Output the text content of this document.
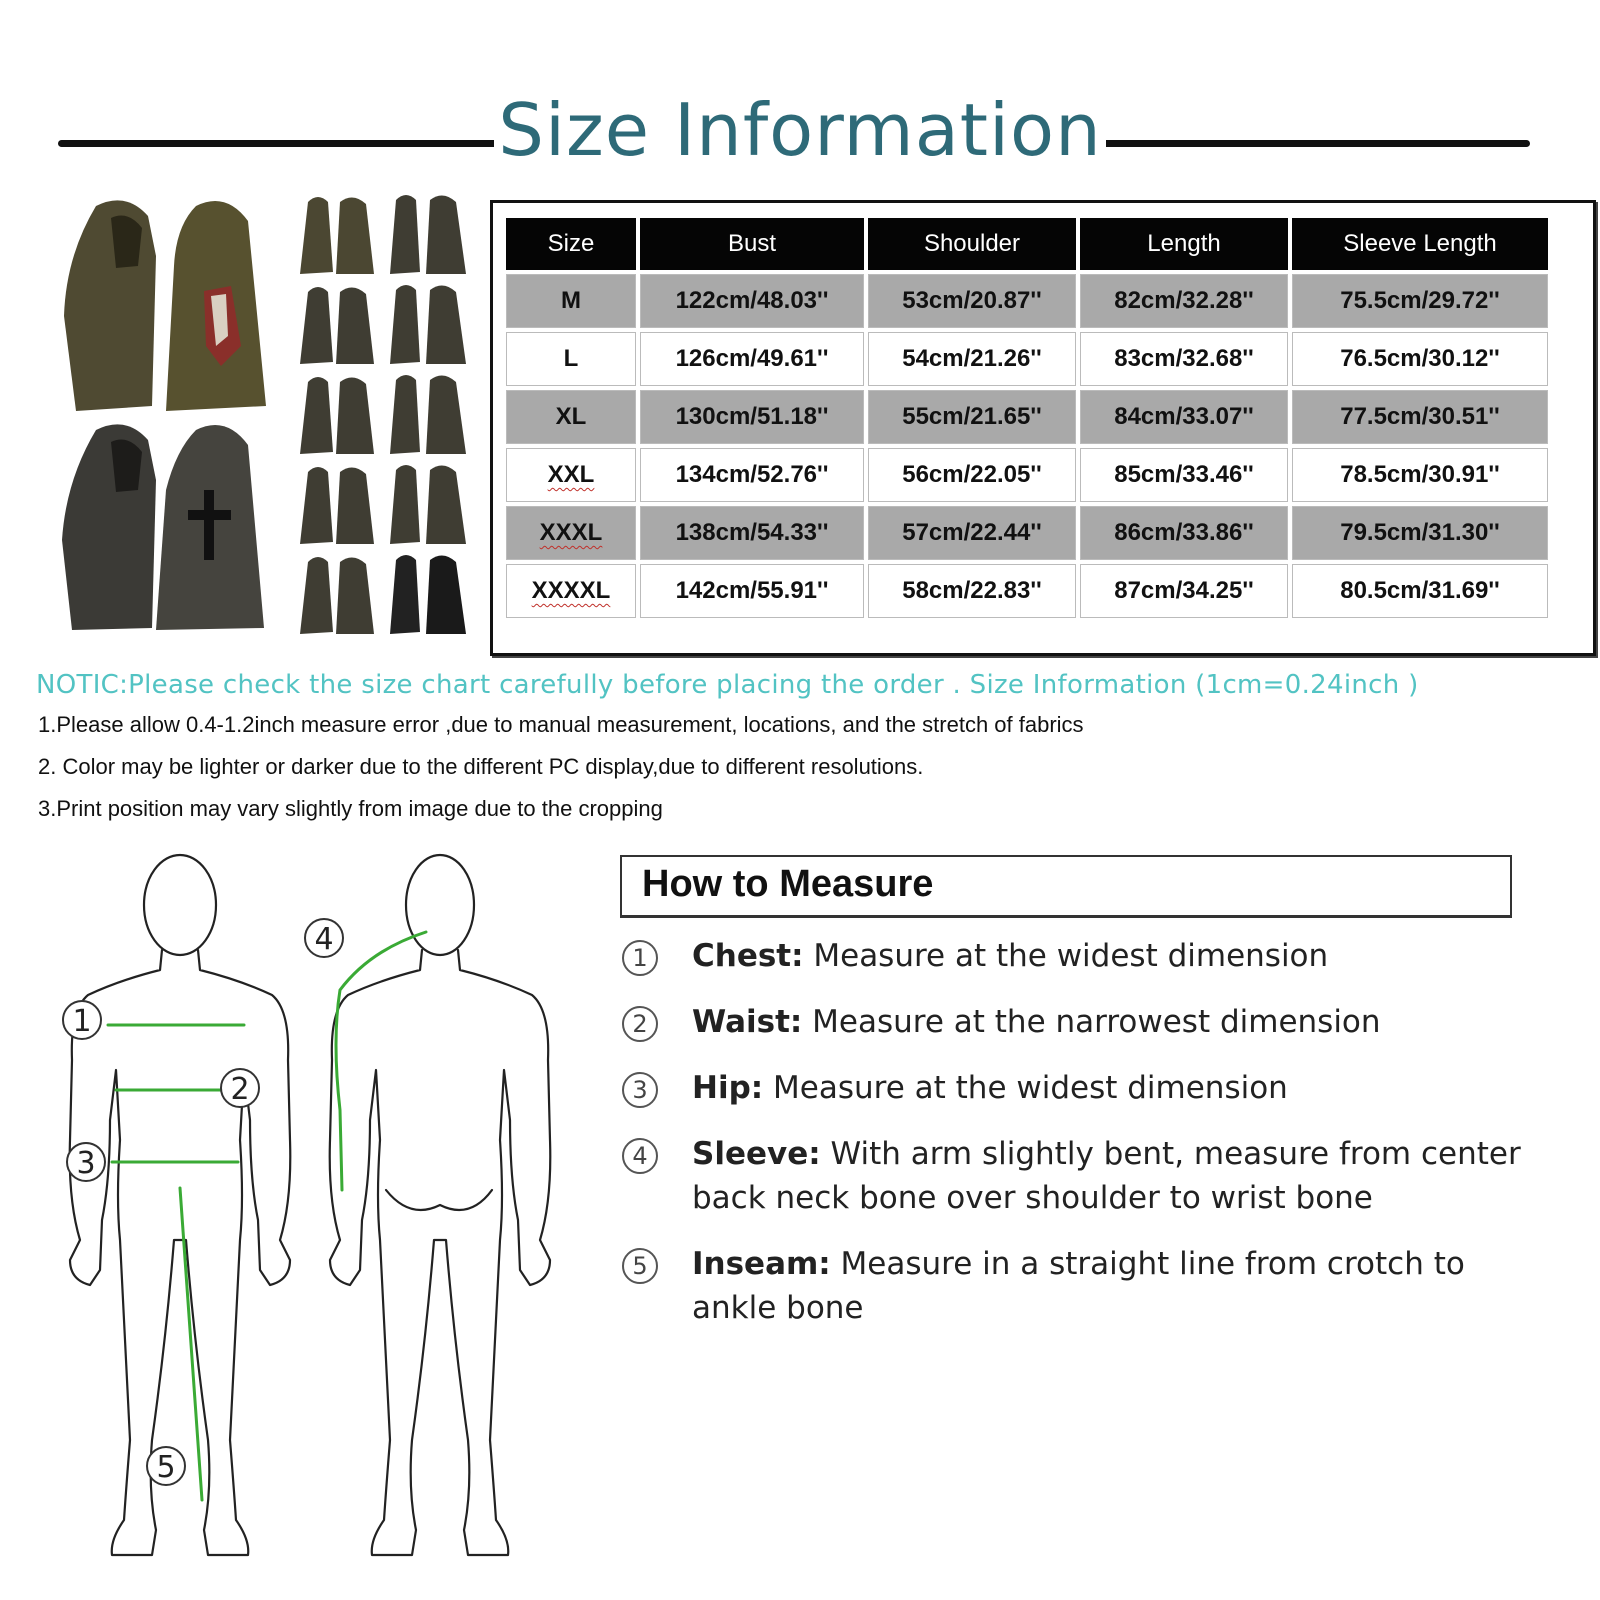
Size Information
Size	Bust	Shoulder	Length	Sleeve Length
M	122cm/48.03''	53cm/20.87''	82cm/32.28''	75.5cm/29.72''
L	126cm/49.61''	54cm/21.26''	83cm/32.68''	76.5cm/30.12''
XL	130cm/51.18''	55cm/21.65''	84cm/33.07''	77.5cm/30.51''
XXL	134cm/52.76''	56cm/22.05''	85cm/33.46''	78.5cm/30.91''
XXXL	138cm/54.33''	57cm/22.44''	86cm/33.86''	79.5cm/31.30''
XXXXL	142cm/55.91''	58cm/22.83''	87cm/34.25''	80.5cm/31.69''
NOTIC:Please check the size chart carefully before placing the order . Size Information (1cm=0.24inch )
1.Please allow 0.4-1.2inch measure error ,due to manual measurement, locations, and the stretch of fabrics
2. Color may be lighter or darker due to the different PC display,due to different resolutions.
3.Print position may vary slightly from image due to the cropping
1
2
3
4
5
How to Measure
1	Chest: Measure at the widest dimension
2	Waist: Measure at the narrowest dimension
3	Hip: Measure at the widest dimension
4	Sleeve: With arm slightly bent, measure from center back neck bone over shoulder to wrist bone
5	Inseam: Measure in a straight line from crotch to ankle bone
